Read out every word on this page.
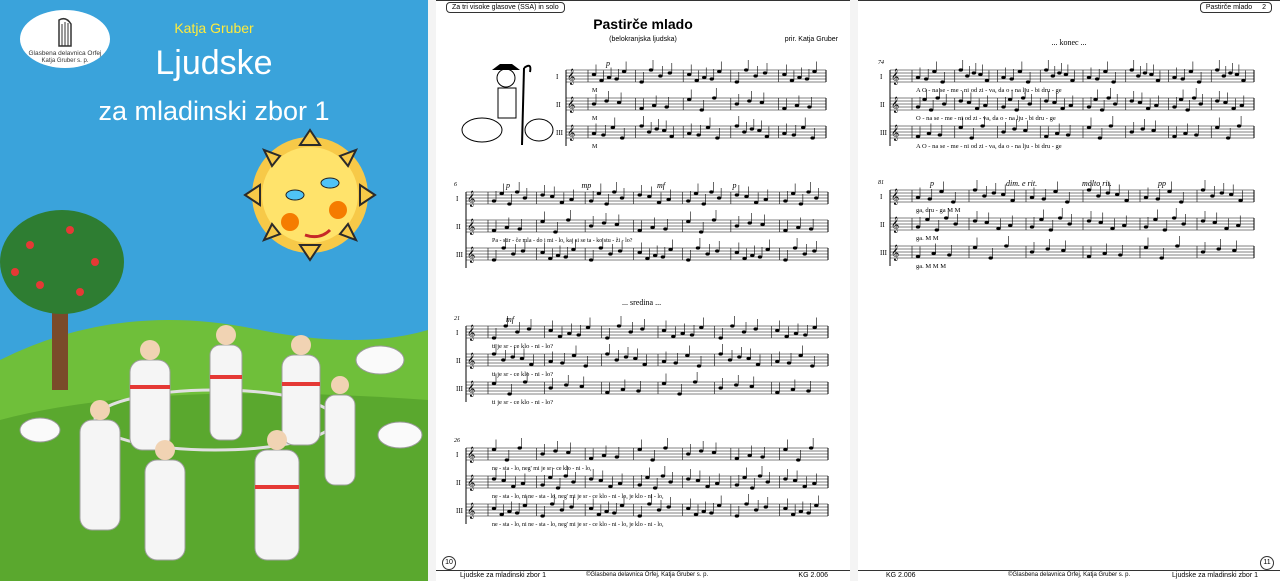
Glasbena delavnica Orfej
Katja Gruber s. p.
Katja Gruber
Ljudske
za mladinski zbor 1
Za tri visoke glasove (SSA) in solo
Pastirče mlado
(belokranjska ljudska)	prir. Katja Gruber
I 𝄞
M
II 𝄞
M
III 𝄞
M
p
6
I 𝄞
II 𝄞
Pa - stir - če mla - do i mi - lo, kaj si se ta - ko stu - ži - lo?
III 𝄞
p	mp	mf	p
21
I 𝄞
ti je sr - ce klo - ni - lo?
II 𝄞
ti je sr - ce klo - ni - lo?
III 𝄞
ti je sr - ce klo - ni - lo?
mf
26
I 𝄞
ne - sta - lo, neg' mi je sr - ce klo - ni - lo,
II 𝄞
ne - sta - lo, ni ne - sta - lo, neg' mi je sr - ce klo - ni - lo, je klo - ni - lo,
III 𝄞
ne - sta - lo, ni ne - sta - lo, neg' mi je sr - ce klo - ni - lo, je klo - ni - lo,
... sredina ...
10
Ljudske za mladinski zbor 1	©Glasbena delavnica Orfej, Katja Gruber s. p.	KG 2.006
Pastirče mlado 2
... konec ...
74
I 𝄞
A O - na se - me - ni od zi - va, da o - na lju - bi dru - ge
II 𝄞
O - na se - me - ni od zi - va, da o - na lju - bi dru - ge
III 𝄞
A O - na se - me - ni od zi - va, da o - na lju - bi dru - ge
81
I 𝄞
ga, dru - ga M M
II 𝄞
ga. M M
III 𝄞
ga. M M M
p	dim. e rit.	molto rit.	pp
11
KG 2.006	©Glasbena delavnica Orfej, Katja Gruber s. p.	Ljudske za mladinski zbor 1
